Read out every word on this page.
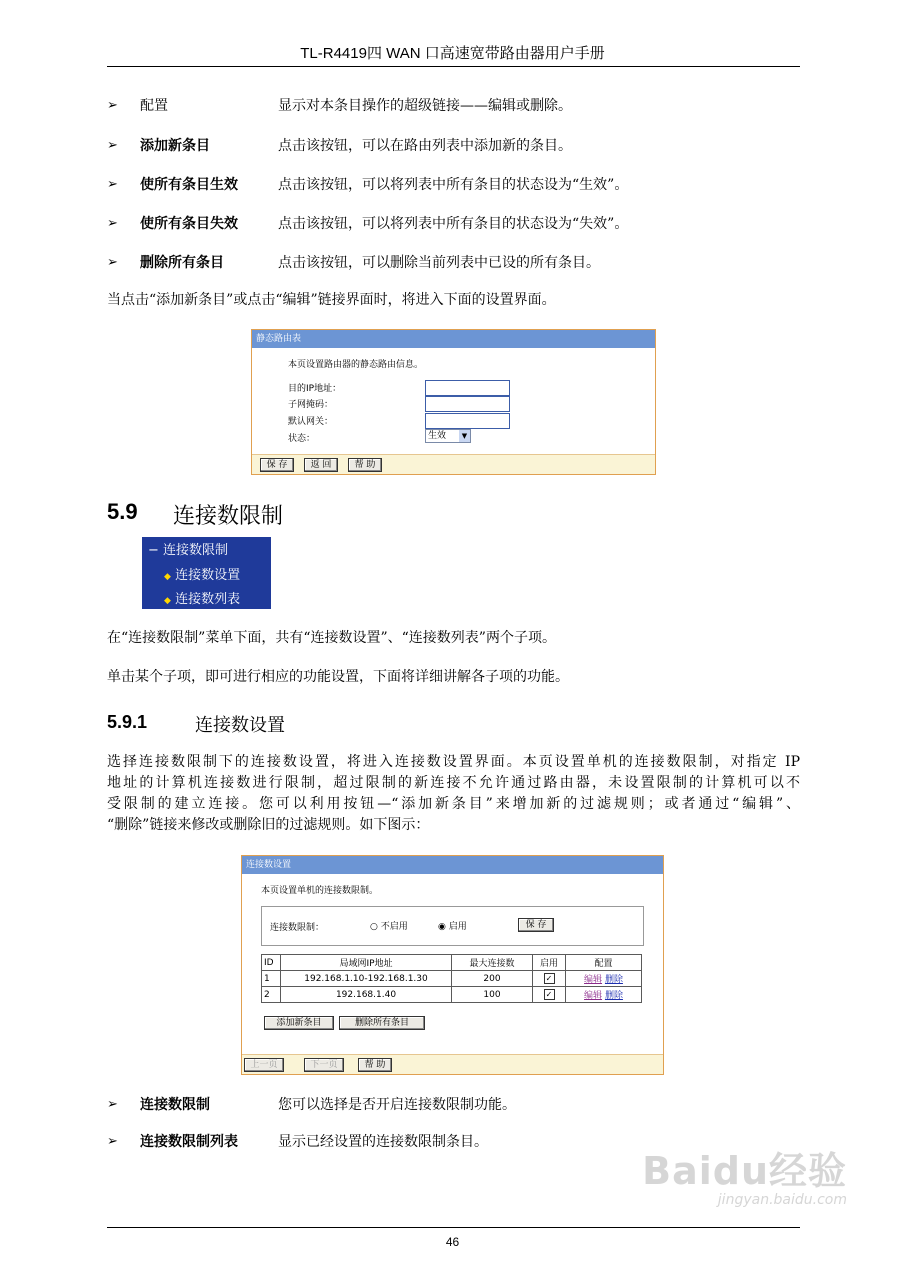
TL-R4419四 WAN 口高速宽带路由器用户手册
➢ 配置	显示对本条目操作的超级链接——编辑或删除。
➢ 添加新条目	点击该按钮，可以在路由列表中添加新的条目。
➢ 使所有条目生效	点击该按钮，可以将列表中所有条目的状态设为“生效”。
➢ 使所有条目失效	点击该按钮，可以将列表中所有条目的状态设为“失效”。
➢ 删除所有条目	点击该按钮，可以删除当前列表中已设的所有条目。
当点击“添加新条目”或点击“编辑”链接界面时，将进入下面的设置界面。
静态路由表
本页设置路由器的静态路由信息。
目的IP地址：
子网掩码：
默认网关：
状态：	生效	▼
保 存	返 回	帮 助
5.9 连接数限制
− 连接数限制
◆ 连接数设置
◆ 连接数列表
在“连接数限制”菜单下面，共有“连接数设置”、“连接数列表”两个子项。
单击某个子项，即可进行相应的功能设置，下面将详细讲解各子项的功能。
5.9.1	连接数设置
选择连接数限制下的连接数设置，将进入连接数设置界面。本页设置单机的连接数限制，对指定 IP
地址的计算机连接数进行限制，超过限制的新连接不允许通过路由器，未设置限制的计算机可以不
受限制的建立连接。您可以利用按钮—“添加新条目”来增加新的过滤规则；或者通过“编辑”、
“删除”链接来修改或删除旧的过滤规则。如下图示：
连接数设置
本页设置单机的连接数限制。
连接数限制：	○ 不启用	◉ 启用	保 存
ID	局域网IP地址	最大连接数	启用	配置
1	192.168.1.10-192.168.1.30	200	✓	编辑 删除
2	192.168.1.40	100	✓	编辑 删除
添加新条目	删除所有条目
上一页	下一页	帮 助
➢ 连接数限制	您可以选择是否开启连接数限制功能。
➢ 连接数限制列表	显示已经设置的连接数限制条目。
Baidu经验
jingyan.baidu.com
46
